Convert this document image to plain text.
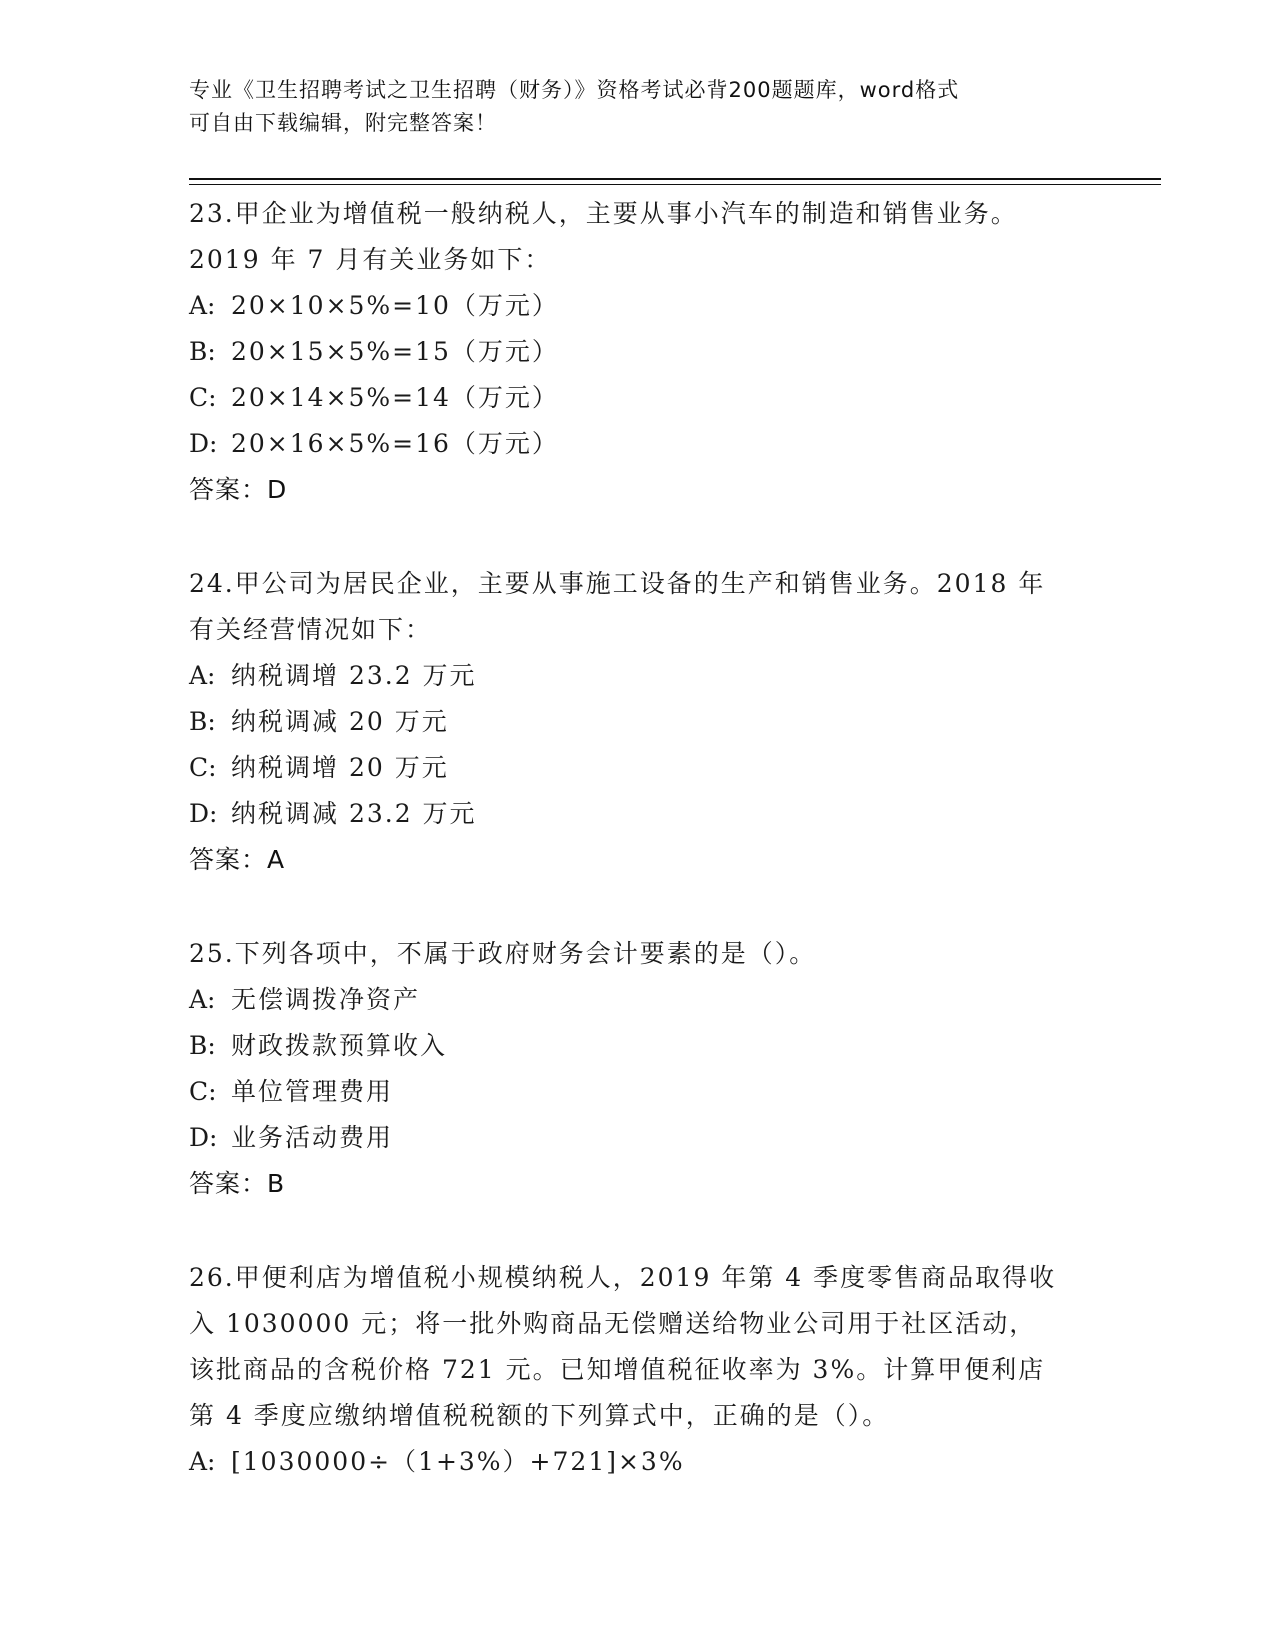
专业《卫生招聘考试之卫生招聘（财务）》资格考试必背200题题库，word格式
可自由下载编辑，附完整答案！
23.甲企业为增值税一般纳税人，主要从事小汽车的制造和销售业务。
2019 年 7 月有关业务如下：
A: 20×10×5%=10（万元）
B: 20×15×5%=15（万元）
C: 20×14×5%=14（万元）
D: 20×16×5%=16（万元）
答案：D
24.甲公司为居民企业，主要从事施工设备的生产和销售业务。2018 年
有关经营情况如下：
A: 纳税调增 23.2 万元
B: 纳税调减 20 万元
C: 纳税调增 20 万元
D: 纳税调减 23.2 万元
答案：A
25.下列各项中，不属于政府财务会计要素的是（）。
A: 无偿调拨净资产
B: 财政拨款预算收入
C: 单位管理费用
D: 业务活动费用
答案：B
26.甲便利店为增值税小规模纳税人，2019 年第 4 季度零售商品取得收
入 1030000 元；将一批外购商品无偿赠送给物业公司用于社区活动，
该批商品的含税价格 721 元。已知增值税征收率为 3%。计算甲便利店
第 4 季度应缴纳增值税税额的下列算式中，正确的是（）。
A: [1030000÷（1+3%）+721]×3%
